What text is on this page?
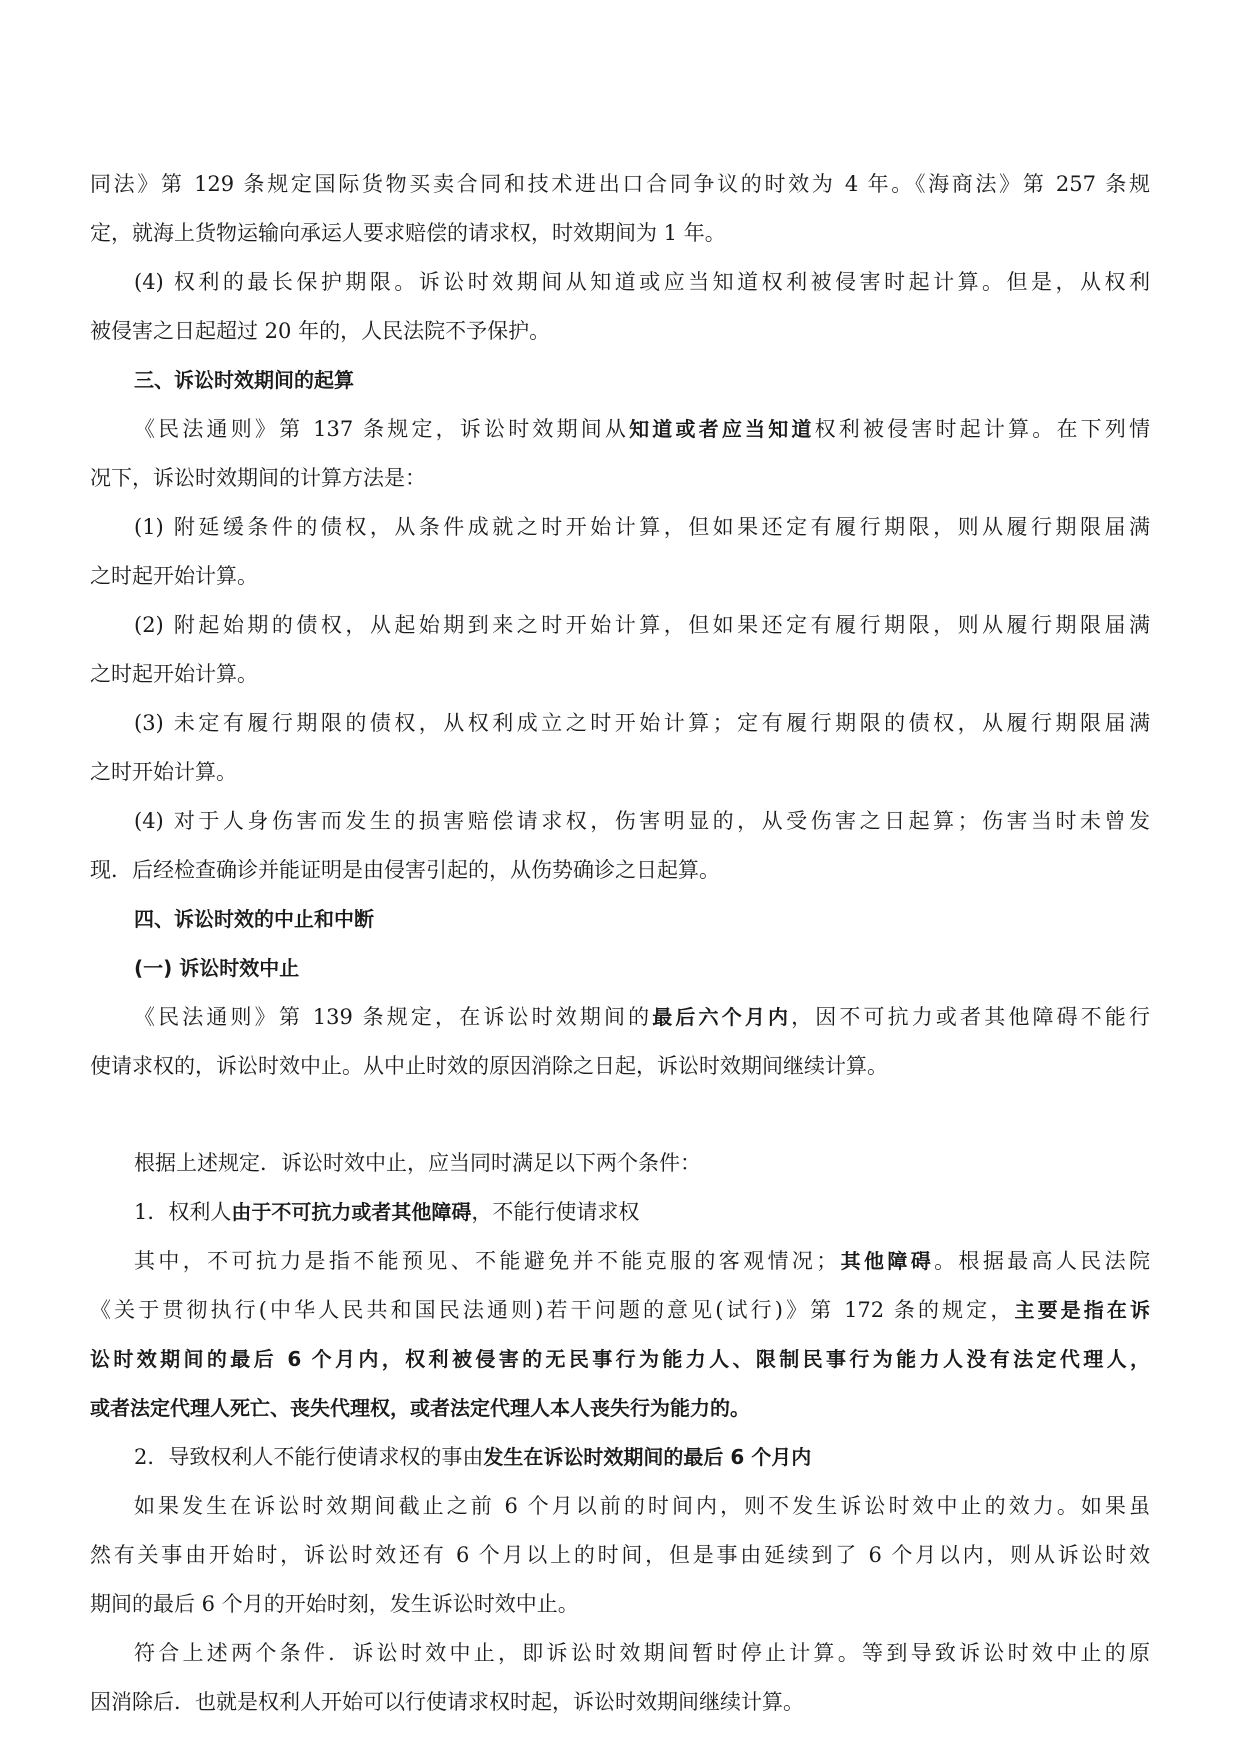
同法》第 129 条规定国际货物买卖合同和技术进出口合同争议的时效为 4 年。《海商法》第 257 条规
定，就海上货物运输向承运人要求赔偿的请求权，时效期间为 1 年。
(4) 权利的最长保护期限。诉讼时效期间从知道或应当知道权利被侵害时起计算。但是，从权利
被侵害之日起超过 20 年的，人民法院不予保护。
三、诉讼时效期间的起算
《民法通则》第 137 条规定，诉讼时效期间从知道或者应当知道权利被侵害时起计算。在下列情
况下，诉讼时效期间的计算方法是：
(1) 附延缓条件的债权，从条件成就之时开始计算，但如果还定有履行期限，则从履行期限届满
之时起开始计算。
(2) 附起始期的债权，从起始期到来之时开始计算，但如果还定有履行期限，则从履行期限届满
之时起开始计算。
(3) 未定有履行期限的债权，从权利成立之时开始计算；定有履行期限的债权，从履行期限届满
之时开始计算。
(4) 对于人身伤害而发生的损害赔偿请求权，伤害明显的，从受伤害之日起算；伤害当时未曾发
现．后经检查确诊并能证明是由侵害引起的，从伤势确诊之日起算。
四、诉讼时效的中止和中断
(一) 诉讼时效中止
《民法通则》第 139 条规定，在诉讼时效期间的最后六个月内，因不可抗力或者其他障碍不能行
使请求权的，诉讼时效中止。从中止时效的原因消除之日起，诉讼时效期间继续计算。
根据上述规定．诉讼时效中止，应当同时满足以下两个条件：
1．权利人由于不可抗力或者其他障碍，不能行使请求权
其中，不可抗力是指不能预见、不能避免并不能克服的客观情况；其他障碍。根据最高人民法院
《关于贯彻执行(中华人民共和国民法通则)若干问题的意见(试行)》第 172 条的规定，主要是指在诉
讼时效期间的最后 6 个月内，权利被侵害的无民事行为能力人、限制民事行为能力人没有法定代理人，
或者法定代理人死亡、丧失代理权，或者法定代理人本人丧失行为能力的。
2．导致权利人不能行使请求权的事由发生在诉讼时效期间的最后 6 个月内
如果发生在诉讼时效期间截止之前 6 个月以前的时间内，则不发生诉讼时效中止的效力。如果虽
然有关事由开始时，诉讼时效还有 6 个月以上的时间，但是事由延续到了 6 个月以内，则从诉讼时效
期间的最后 6 个月的开始时刻，发生诉讼时效中止。
符合上述两个条件．诉讼时效中止，即诉讼时效期间暂时停止计算。等到导致诉讼时效中止的原
因消除后．也就是权利人开始可以行使请求权时起，诉讼时效期间继续计算。
